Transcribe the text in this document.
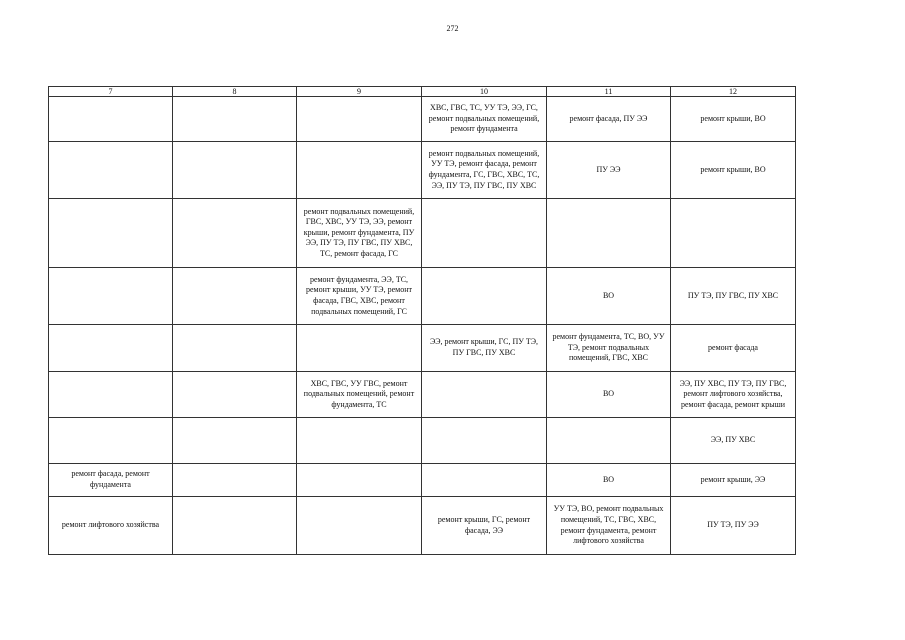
272
7	8	9	10	11	12
			ХВС, ГВС, ТС, УУ ТЭ, ЭЭ, ГС, ремонт подвальных помещений, ремонт фундамента	ремонт фасада, ПУ ЭЭ	ремонт крыши, ВО
			ремонт подвальных помещений, УУ ТЭ, ремонт фасада, ремонт фундамента, ГС, ГВС, ХВС, ТС, ЭЭ, ПУ ТЭ, ПУ ГВС, ПУ ХВС	ПУ ЭЭ	ремонт крыши, ВО
		ремонт подвальных помещений, ГВС, ХВС, УУ ТЭ, ЭЭ, ремонт крыши, ремонт фундамента, ПУ ЭЭ, ПУ ТЭ, ПУ ГВС, ПУ ХВС, ТС, ремонт фасада, ГС			
		ремонт фундамента, ЭЭ, ТС, ремонт крыши, УУ ТЭ, ремонт фасада, ГВС, ХВС, ремонт подвальных помещений, ГС		ВО	ПУ ТЭ, ПУ ГВС, ПУ ХВС
			ЭЭ, ремонт крыши, ГС, ПУ ТЭ, ПУ ГВС, ПУ ХВС	ремонт фундамента, ТС, ВО, УУ ТЭ, ремонт подвальных помещений, ГВС, ХВС	ремонт фасада
		ХВС, ГВС, УУ ГВС, ремонт подвальных помещений, ремонт фундамента, ТС		ВО	ЭЭ, ПУ ХВС, ПУ ТЭ, ПУ ГВС, ремонт лифтового хозяйства, ремонт фасада, ремонт крыши
					ЭЭ, ПУ ХВС
ремонт фасада, ремонт фундамента				ВО	ремонт крыши, ЭЭ
ремонт лифтового хозяйства			ремонт крыши, ГС, ремонт фасада, ЭЭ	УУ ТЭ, ВО, ремонт подвальных помещений, ТС, ГВС, ХВС, ремонт фундамента, ремонт лифтового хозяйства	ПУ ТЭ, ПУ ЭЭ
